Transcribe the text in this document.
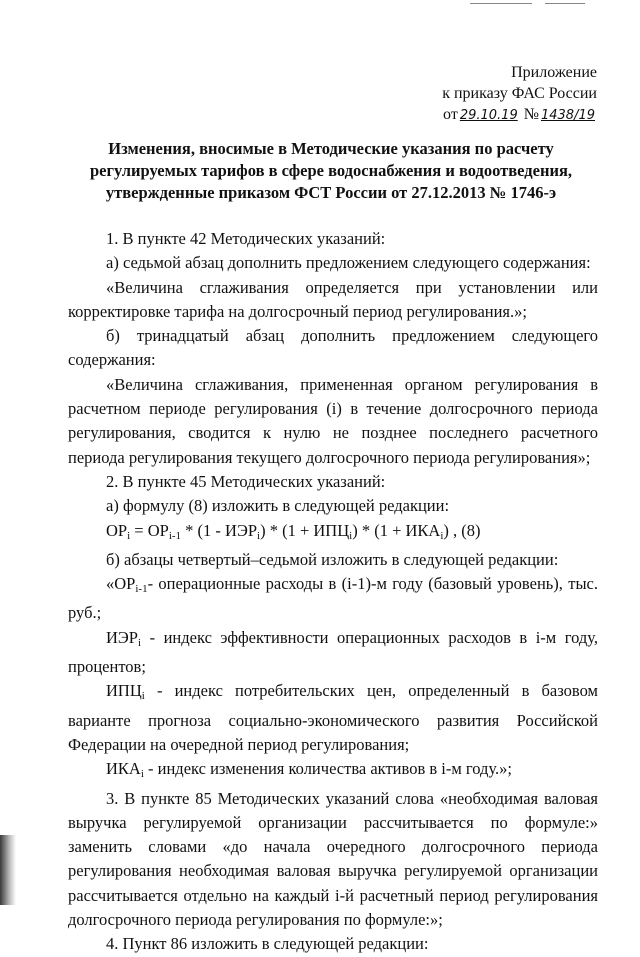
Приложение
к приказу ФАС России
от 29.10.19 № 1438/19
Изменения, вносимые в Методические указания по расчету регулируемых тарифов в сфере водоснабжения и водоотведения, утвержденные приказом ФСТ России от 27.12.2013 № 1746-э

1. В пункте 42 Методических указаний:

а) седьмой абзац дополнить предложением следующего содержания:

«Величина сглаживания определяется при установлении или корректировке тарифа на долгосрочный период регулирования.»;

б) тринадцатый абзац дополнить предложением следующего содержания:

«Величина сглаживания, примененная органом регулирования в расчетном периоде регулирования (i) в течение долгосрочного периода регулирования, сводится к нулю не позднее последнего расчетного периода регулирования текущего долгосрочного периода регулирования»;

2. В пункте 45 Методических указаний:

а) формулу (8) изложить в следующей редакции:

$ОР_i = ОР_{i-1} * (1 - ИЭР_i) * (1 + ИПЦ_i) * (1 + ИКА_i)$ , (8)

б) абзацы четвертый–седьмой изложить в следующей редакции:

«$ОР_{i-1}-$ операционные расходы в (i-1)-м году (базовый уровень), тыс. руб.;

$ИЭР_i$ - индекс эффективности операционных расходов в i-м году, процентов;

$ИПЦ_i$ - индекс потребительских цен, определенный в базовом варианте прогноза социально-экономического развития Российской Федерации на очередной период регулирования;

$ИКА_i$ - индекс изменения количества активов в i-м году.»;

3. В пункте 85 Методических указаний слова «необходимая валовая выручка регулируемой организации рассчитывается по формуле:» заменить словами «до начала очередного долгосрочного периода регулирования необходимая валовая выручка регулируемой организации рассчитывается отдельно на каждый i-й расчетный период регулирования долгосрочного периода регулирования по формуле:»;

4. Пункт 86 изложить в следующей редакции:
